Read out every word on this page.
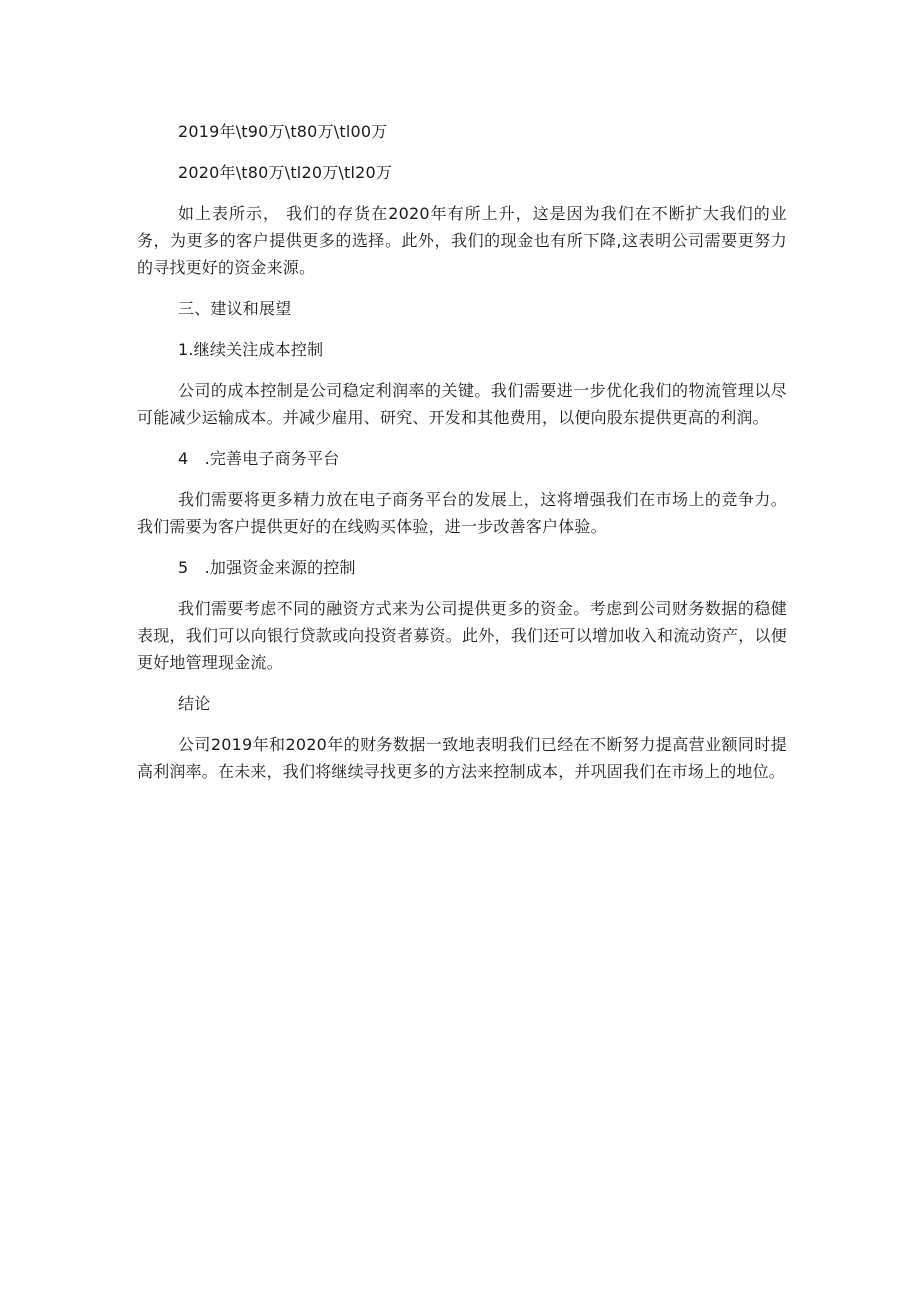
2019年\t90万\t80万\tl00万

2020年\t80万\tl20万\tl20万

如上表所示， 我们的存货在2020年有所上升，这是因为我们在不断扩大我们的业务，为更多的客户提供更多的选择。此外，我们的现金也有所下降,这表明公司需要更努力的寻找更好的资金来源。

三、建议和展望

1.继续关注成本控制

公司的成本控制是公司稳定利润率的关键。我们需要进一步优化我们的物流管理以尽可能减少运输成本。并减少雇用、研究、开发和其他费用，以便向股东提供更高的利润。

4　.完善电子商务平台

我们需要将更多精力放在电子商务平台的发展上，这将增强我们在市场上的竞争力。我们需要为客户提供更好的在线购买体验，进一步改善客户体验。

5　.加强资金来源的控制

我们需要考虑不同的融资方式来为公司提供更多的资金。考虑到公司财务数据的稳健表现，我们可以向银行贷款或向投资者募资。此外，我们还可以增加收入和流动资产，以便更好地管理现金流。

结论

公司2019年和2020年的财务数据一致地表明我们已经在不断努力提高营业额同时提高利润率。在未来，我们将继续寻找更多的方法来控制成本，并巩固我们在市场上的地位。
